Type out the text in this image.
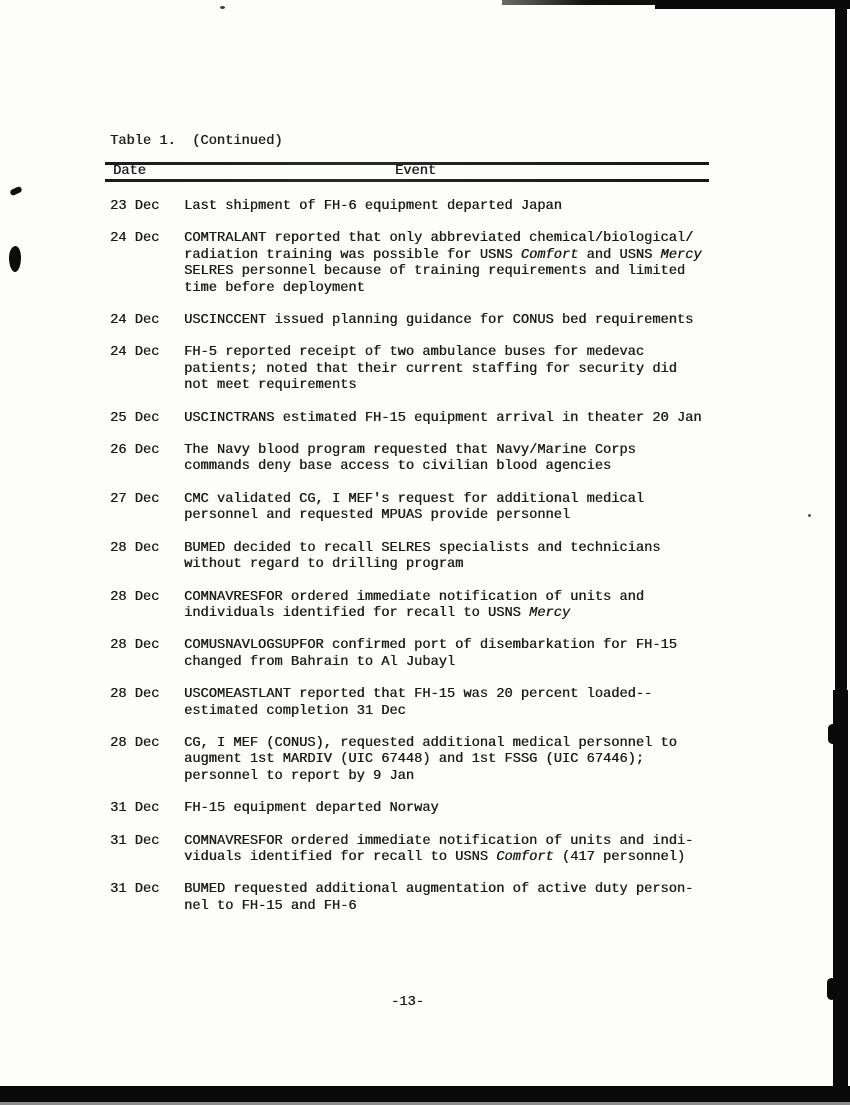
Table 1.  (Continued)
Date	Event
23 Dec	Last shipment of FH-6 equipment departed Japan
24 Dec	COMTRALANT reported that only abbreviated chemical/biological/
radiation training was possible for USNS Comfort and USNS Mercy
SELRES personnel because of training requirements and limited
time before deployment
24 Dec	USCINCCENT issued planning guidance for CONUS bed requirements
24 Dec	FH-5 reported receipt of two ambulance buses for medevac
patients; noted that their current staffing for security did
not meet requirements
25 Dec	USCINCTRANS estimated FH-15 equipment arrival in theater 20 Jan
26 Dec	The Navy blood program requested that Navy/Marine Corps
commands deny base access to civilian blood agencies
27 Dec	CMC validated CG, I MEF's request for additional medical
personnel and requested MPUAS provide personnel
28 Dec	BUMED decided to recall SELRES specialists and technicians
without regard to drilling program
28 Dec	COMNAVRESFOR ordered immediate notification of units and
individuals identified for recall to USNS Mercy
28 Dec	COMUSNAVLOGSUPFOR confirmed port of disembarkation for FH-15
changed from Bahrain to Al Jubayl
28 Dec	USCOMEASTLANT reported that FH-15 was 20 percent loaded--
estimated completion 31 Dec
28 Dec	CG, I MEF (CONUS), requested additional medical personnel to
augment 1st MARDIV (UIC 67448) and 1st FSSG (UIC 67446);
personnel to report by 9 Jan
31 Dec	FH-15 equipment departed Norway
31 Dec	COMNAVRESFOR ordered immediate notification of units and indi-
viduals identified for recall to USNS Comfort (417 personnel)
31 Dec	BUMED requested additional augmentation of active duty person-
nel to FH-15 and FH-6
-13-
